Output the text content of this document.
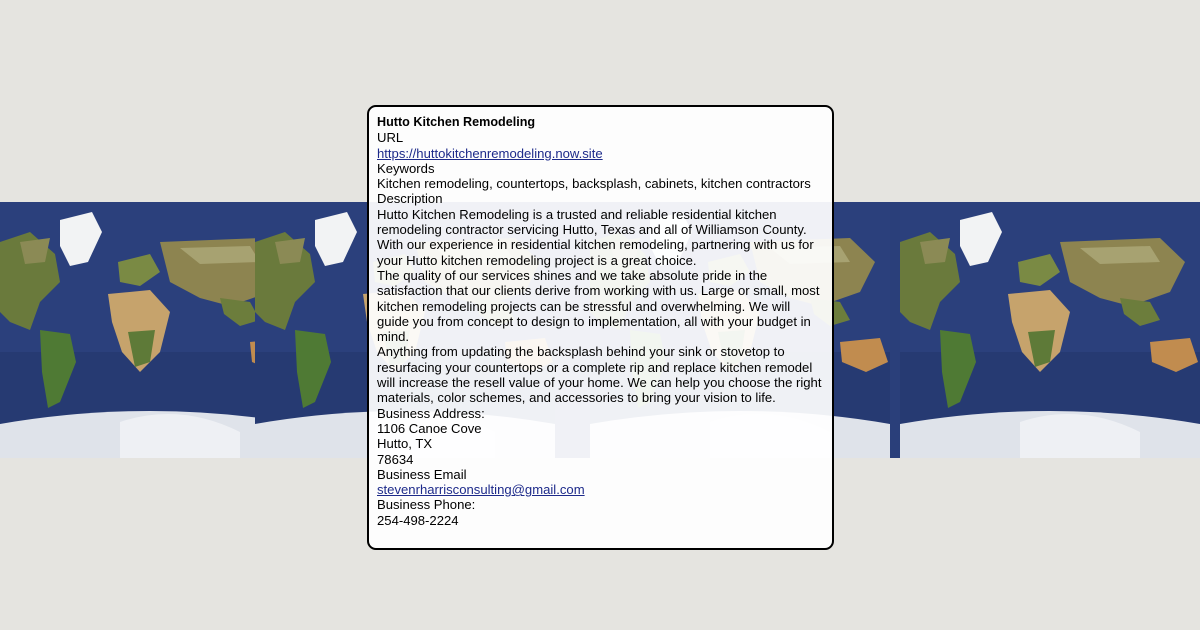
Hutto Kitchen Remodeling
URL
https://huttokitchenremodeling.now.site
Keywords
Kitchen remodeling, countertops, backsplash, cabinets, kitchen contractors
Description

Hutto Kitchen Remodeling is a trusted and reliable residential kitchen remodeling contractor servicing Hutto, Texas and all of Williamson County. With our experience in residential kitchen remodeling, partnering with us for your Hutto kitchen remodeling project is a great choice.

The quality of our services shines and we take absolute pride in the satisfaction that our clients derive from working with us. Large or small, most kitchen remodeling projects can be stressful and overwhelming. We will guide you from concept to design to implementation, all with your budget in mind.

Anything from updating the backsplash behind your sink or stovetop to resurfacing your countertops or a complete rip and replace kitchen remodel will increase the resell value of your home. We can help you choose the right materials, color schemes, and accessories to bring your vision to life.

Business Address:
1106 Canoe Cove
Hutto, TX
78634
Business Email
stevenrharrisconsulting@gmail.com
Business Phone:
254-498-2224
